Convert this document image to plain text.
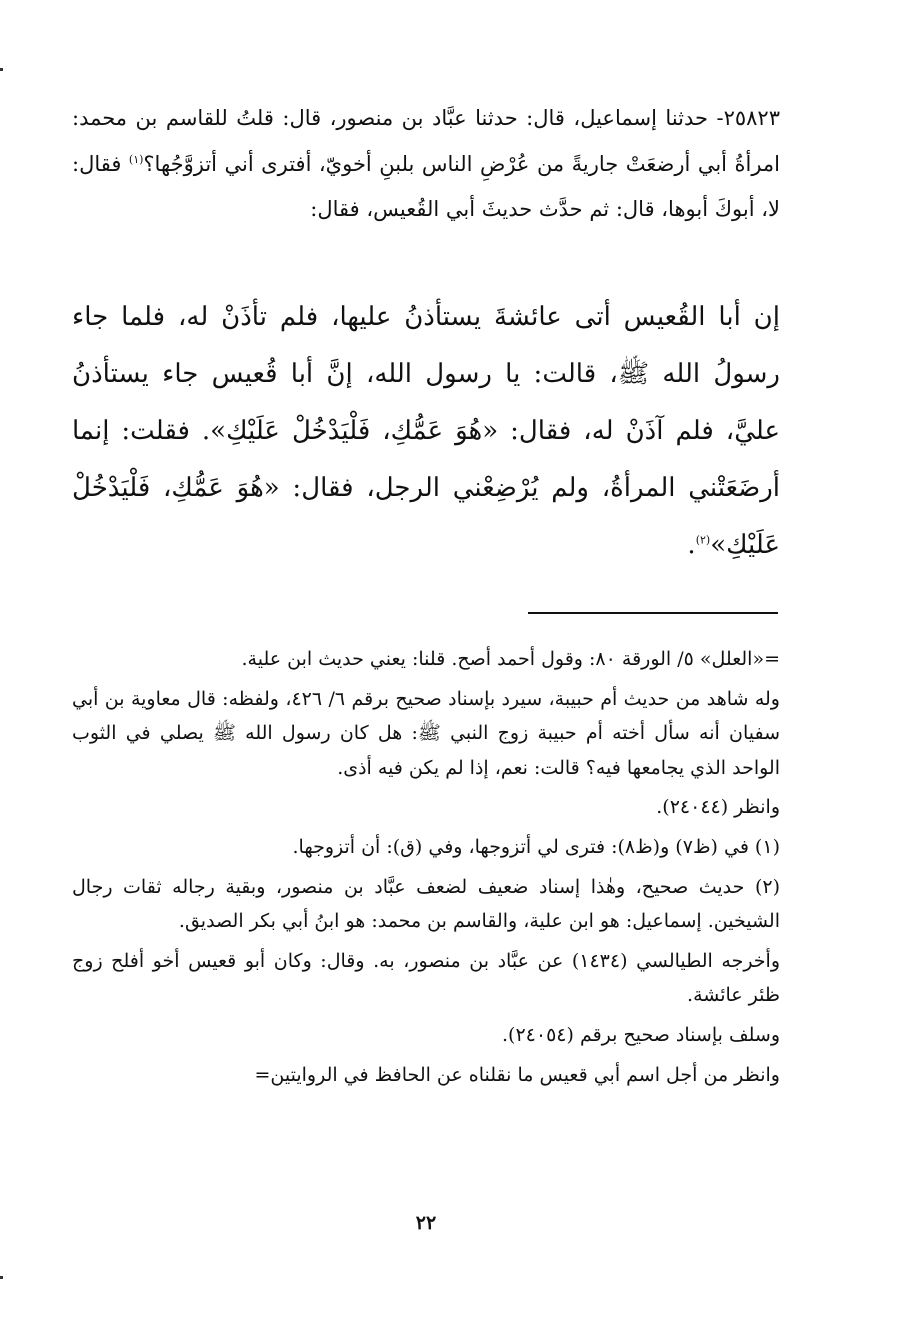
٢٥٨٢٣- حدثنا إسماعيل، قال: حدثنا عبَّاد بن منصور، قال: قلتُ للقاسم بن محمد: امرأةُ أبي أرضعَتْ جاريةً من عُرْضِ الناس بلبنِ أخويّ، أفترى أني أتزوَّجُها؟$^{(١)}$ فقال: لا، أبوكَ أبوها، قال: ثم حدَّث حديثَ أبي القُعيس، فقال:

إن أبا القُعيس أتى عائشةَ يستأذنُ عليها، فلم تأذَنْ له، فلما جاء رسولُ الله ﷺ، قالت: يا رسول الله، إنَّ أبا قُعيس جاء يستأذنُ عليَّ، فلم آذَنْ له، فقال: «هُوَ عَمُّكِ، فَلْيَدْخُلْ عَلَيْكِ». فقلت: إنما أرضَعَتْني المرأةُ، ولم يُرْضِعْني الرجل، فقال: «هُوَ عَمُّكِ، فَلْيَدْخُلْ عَلَيْكِ»$^{(٢)}$.

=«العلل» ٥/ الورقة ٨٠: وقول أحمد أصح. قلنا: يعني حديث ابن علية.

وله شاهد من حديث أم حبيبة، سيرد بإسناد صحيح برقم ٦/ ٤٢٦، ولفظه: قال معاوية بن أبي سفيان أنه سأل أخته أم حبيبة زوج النبي ﷺ: هل كان رسول الله ﷺ يصلي في الثوب الواحد الذي يجامعها فيه؟ قالت: نعم، إذا لم يكن فيه أذى.

وانظر (٢٤٠٤٤).

(١) في (ظ٧) و(ظ٨): فترى لي أتزوجها، وفي (ق): أن أتزوجها.

(٢) حديث صحيح، وهٰذا إسناد ضعيف لضعف عبَّاد بن منصور، وبقية رجاله ثقات رجال الشيخين. إسماعيل: هو ابن علية، والقاسم بن محمد: هو ابنُ أبي بكر الصديق.

وأخرجه الطيالسي (١٤٣٤) عن عبَّاد بن منصور، به. وقال: وكان أبو قعيس أخو أفلح زوج ظئر عائشة.

وسلف بإسناد صحيح برقم (٢٤٠٥٤).

وانظر من أجل اسم أبي قعيس ما نقلناه عن الحافظ في الروايتين=

٢٢
